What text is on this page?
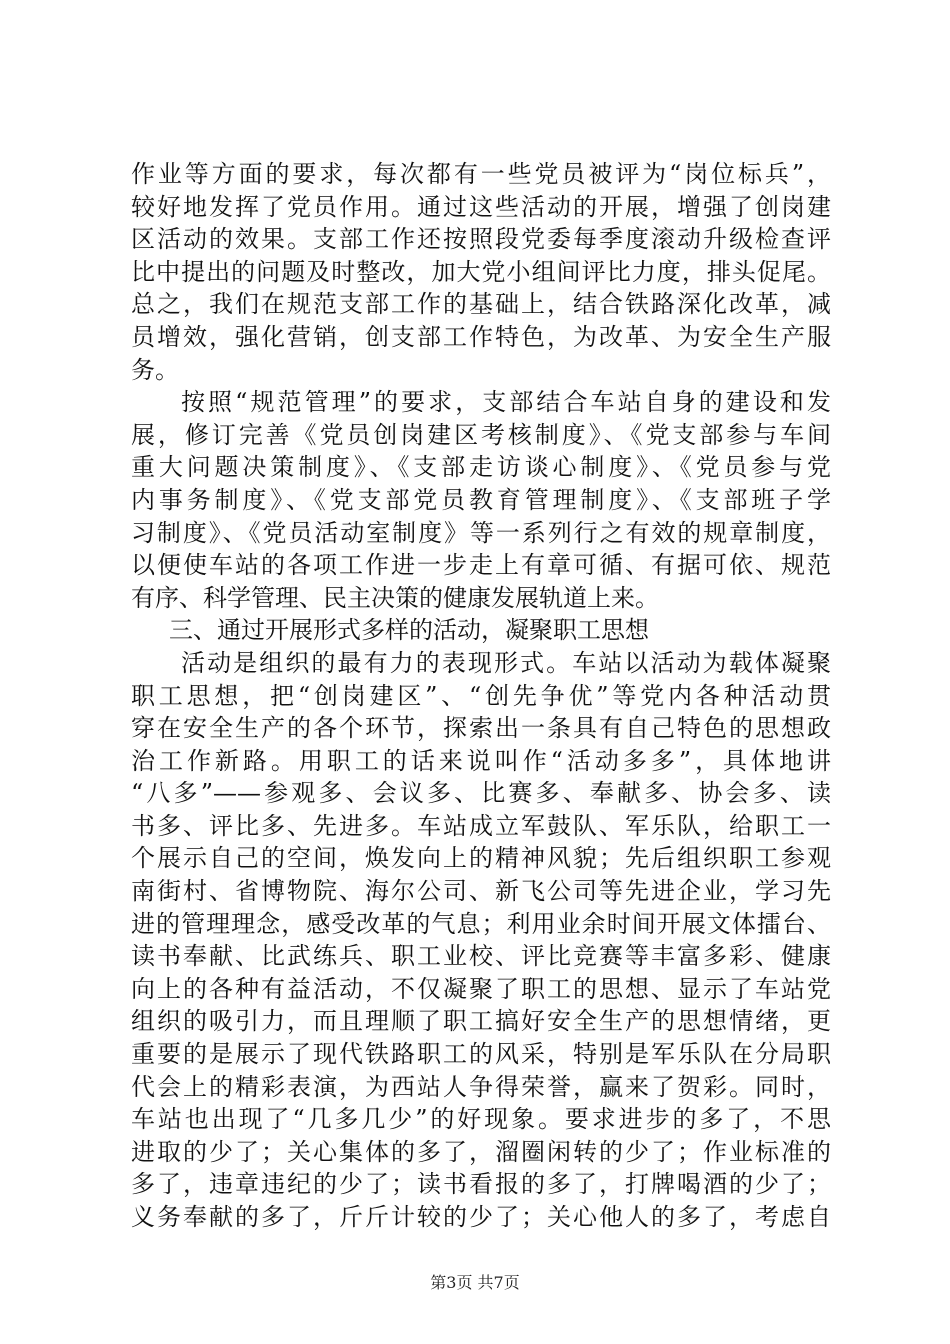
作业等方面的要求，每次都有一些党员被评为“岗位标兵”，
较好地发挥了党员作用。通过这些活动的开展，增强了创岗建
区活动的效果。支部工作还按照段党委每季度滚动升级检查评
比中提出的问题及时整改，加大党小组间评比力度，排头促尾。
总之，我们在规范支部工作的基础上，结合铁路深化改革，减
员增效，强化营销，创支部工作特色，为改革、为安全生产服
务。
按照“规范管理”的要求，支部结合车站自身的建设和发
展，修订完善《党员创岗建区考核制度》、《党支部参与车间
重大问题决策制度》、《支部走访谈心制度》、《党员参与党
内事务制度》、《党支部党员教育管理制度》、《支部班子学
习制度》、《党员活动室制度》等一系列行之有效的规章制度，
以便使车站的各项工作进一步走上有章可循、有据可依、规范
有序、科学管理、民主决策的健康发展轨道上来。
三、通过开展形式多样的活动，凝聚职工思想
活动是组织的最有力的表现形式。车站以活动为载体凝聚
职工思想，把“创岗建区”、“创先争优”等党内各种活动贯
穿在安全生产的各个环节，探索出一条具有自己特色的思想政
治工作新路。用职工的话来说叫作“活动多多”，具体地讲
“八多”——参观多、会议多、比赛多、奉献多、协会多、读
书多、评比多、先进多。车站成立军鼓队、军乐队，给职工一
个展示自己的空间，焕发向上的精神风貌；先后组织职工参观
南街村、省博物院、海尔公司、新飞公司等先进企业，学习先
进的管理理念，感受改革的气息；利用业余时间开展文体擂台、
读书奉献、比武练兵、职工业校、评比竞赛等丰富多彩、健康
向上的各种有益活动，不仅凝聚了职工的思想、显示了车站党
组织的吸引力，而且理顺了职工搞好安全生产的思想情绪，更
重要的是展示了现代铁路职工的风采，特别是军乐队在分局职
代会上的精彩表演，为西站人争得荣誉，赢来了贺彩。同时，
车站也出现了“几多几少”的好现象。要求进步的多了，不思
进取的少了；关心集体的多了，溜圈闲转的少了；作业标准的
多了，违章违纪的少了；读书看报的多了，打牌喝酒的少了；
义务奉献的多了，斤斤计较的少了；关心他人的多了，考虑自
第3页 共7页
